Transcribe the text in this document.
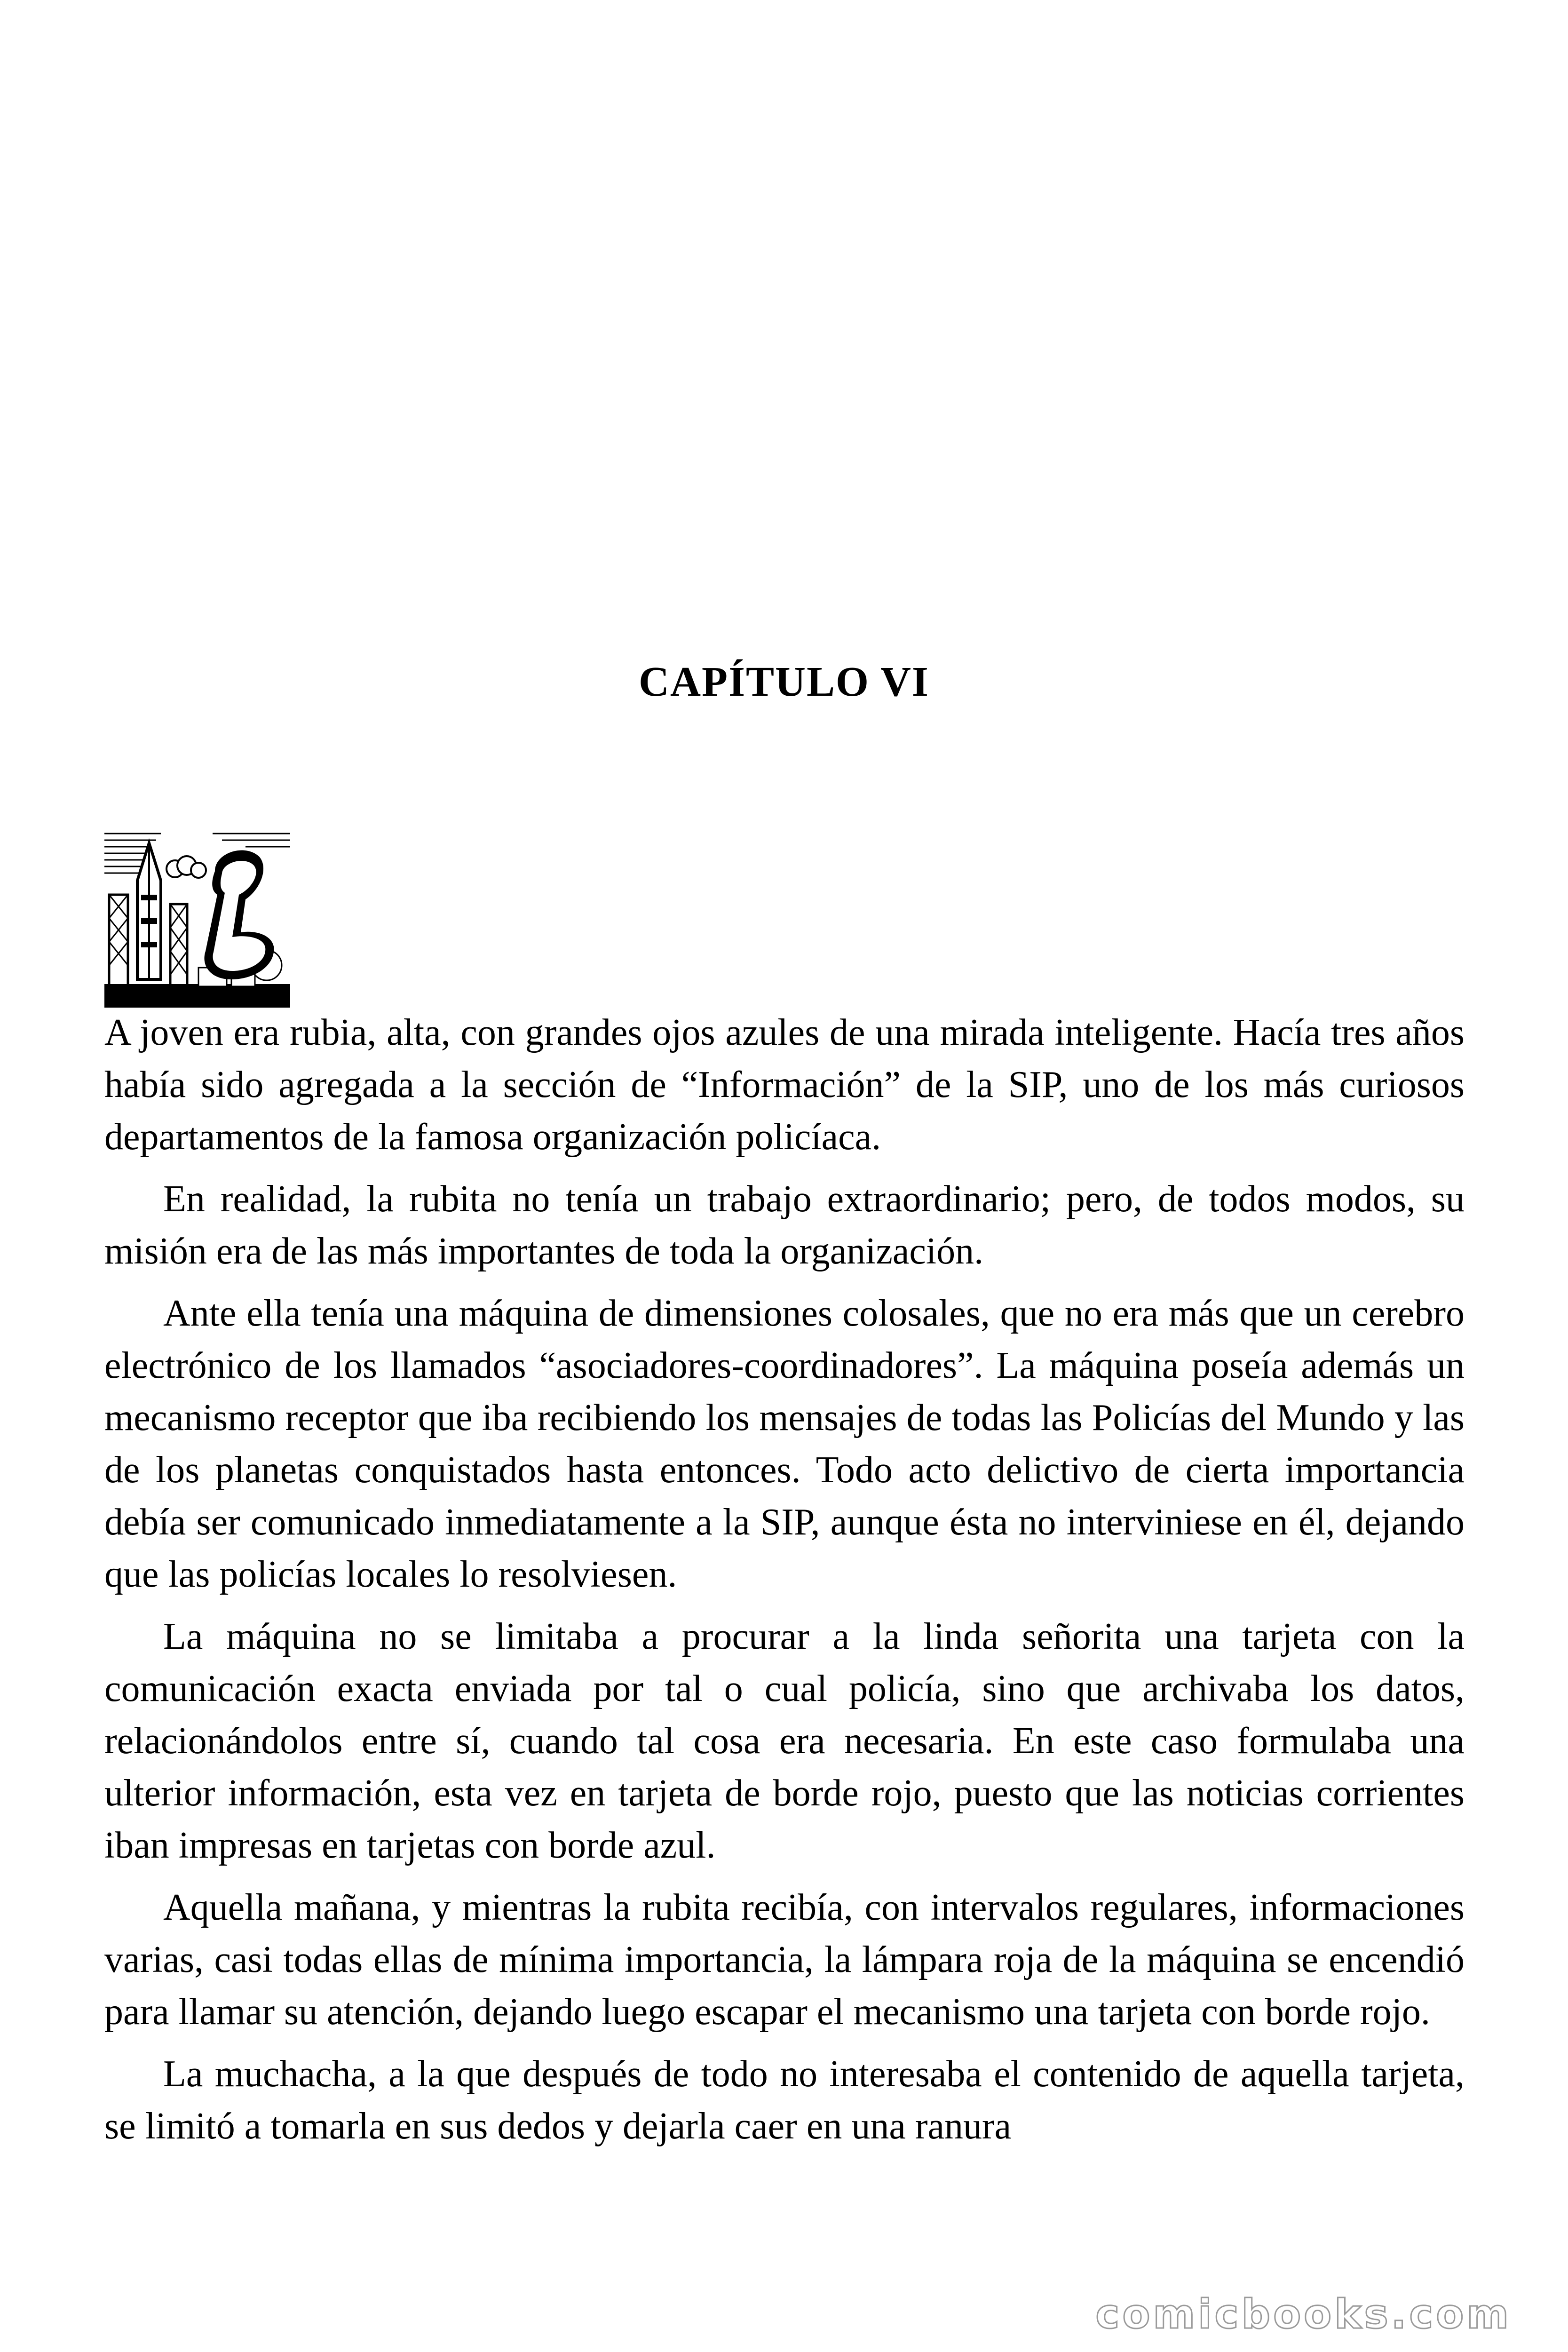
CAPÍTULO VI

A joven era rubia, alta, con grandes ojos azules de una mirada inteligente. Hacía tres años había sido agregada a la sección de “Información” de la SIP, uno de los más curiosos departamentos de la famosa organización policíaca.

En realidad, la rubita no tenía un trabajo extraordinario; pero, de todos modos, su misión era de las más importantes de toda la organización.

Ante ella tenía una máquina de dimensiones colosales, que no era más que un cerebro electrónico de los llamados “asociadores-coordinadores”. La máquina poseía además un mecanismo receptor que iba recibiendo los mensajes de todas las Policías del Mundo y las de los planetas conquistados hasta entonces. Todo acto delictivo de cierta importancia debía ser comunicado inmediatamente a la SIP, aunque ésta no interviniese en él, dejando que las policías locales lo resolviesen.

La máquina no se limitaba a procurar a la linda señorita una tarjeta con la comunicación exacta enviada por tal o cual policía, sino que archivaba los datos, relacionándolos entre sí, cuando tal cosa era necesaria. En este caso formulaba una ulterior información, esta vez en tarjeta de borde rojo, puesto que las noticias corrientes iban impresas en tarjetas con borde azul.

Aquella mañana, y mientras la rubita recibía, con intervalos regulares, informaciones varias, casi todas ellas de mínima importancia, la lámpara roja de la máquina se encendió para llamar su atención, dejando luego escapar el mecanismo una tarjeta con borde rojo.

La muchacha, a la que después de todo no interesaba el contenido de aquella tarjeta, se limitó a tomarla en sus dedos y dejarla caer en una ranura

comicbooks.com
